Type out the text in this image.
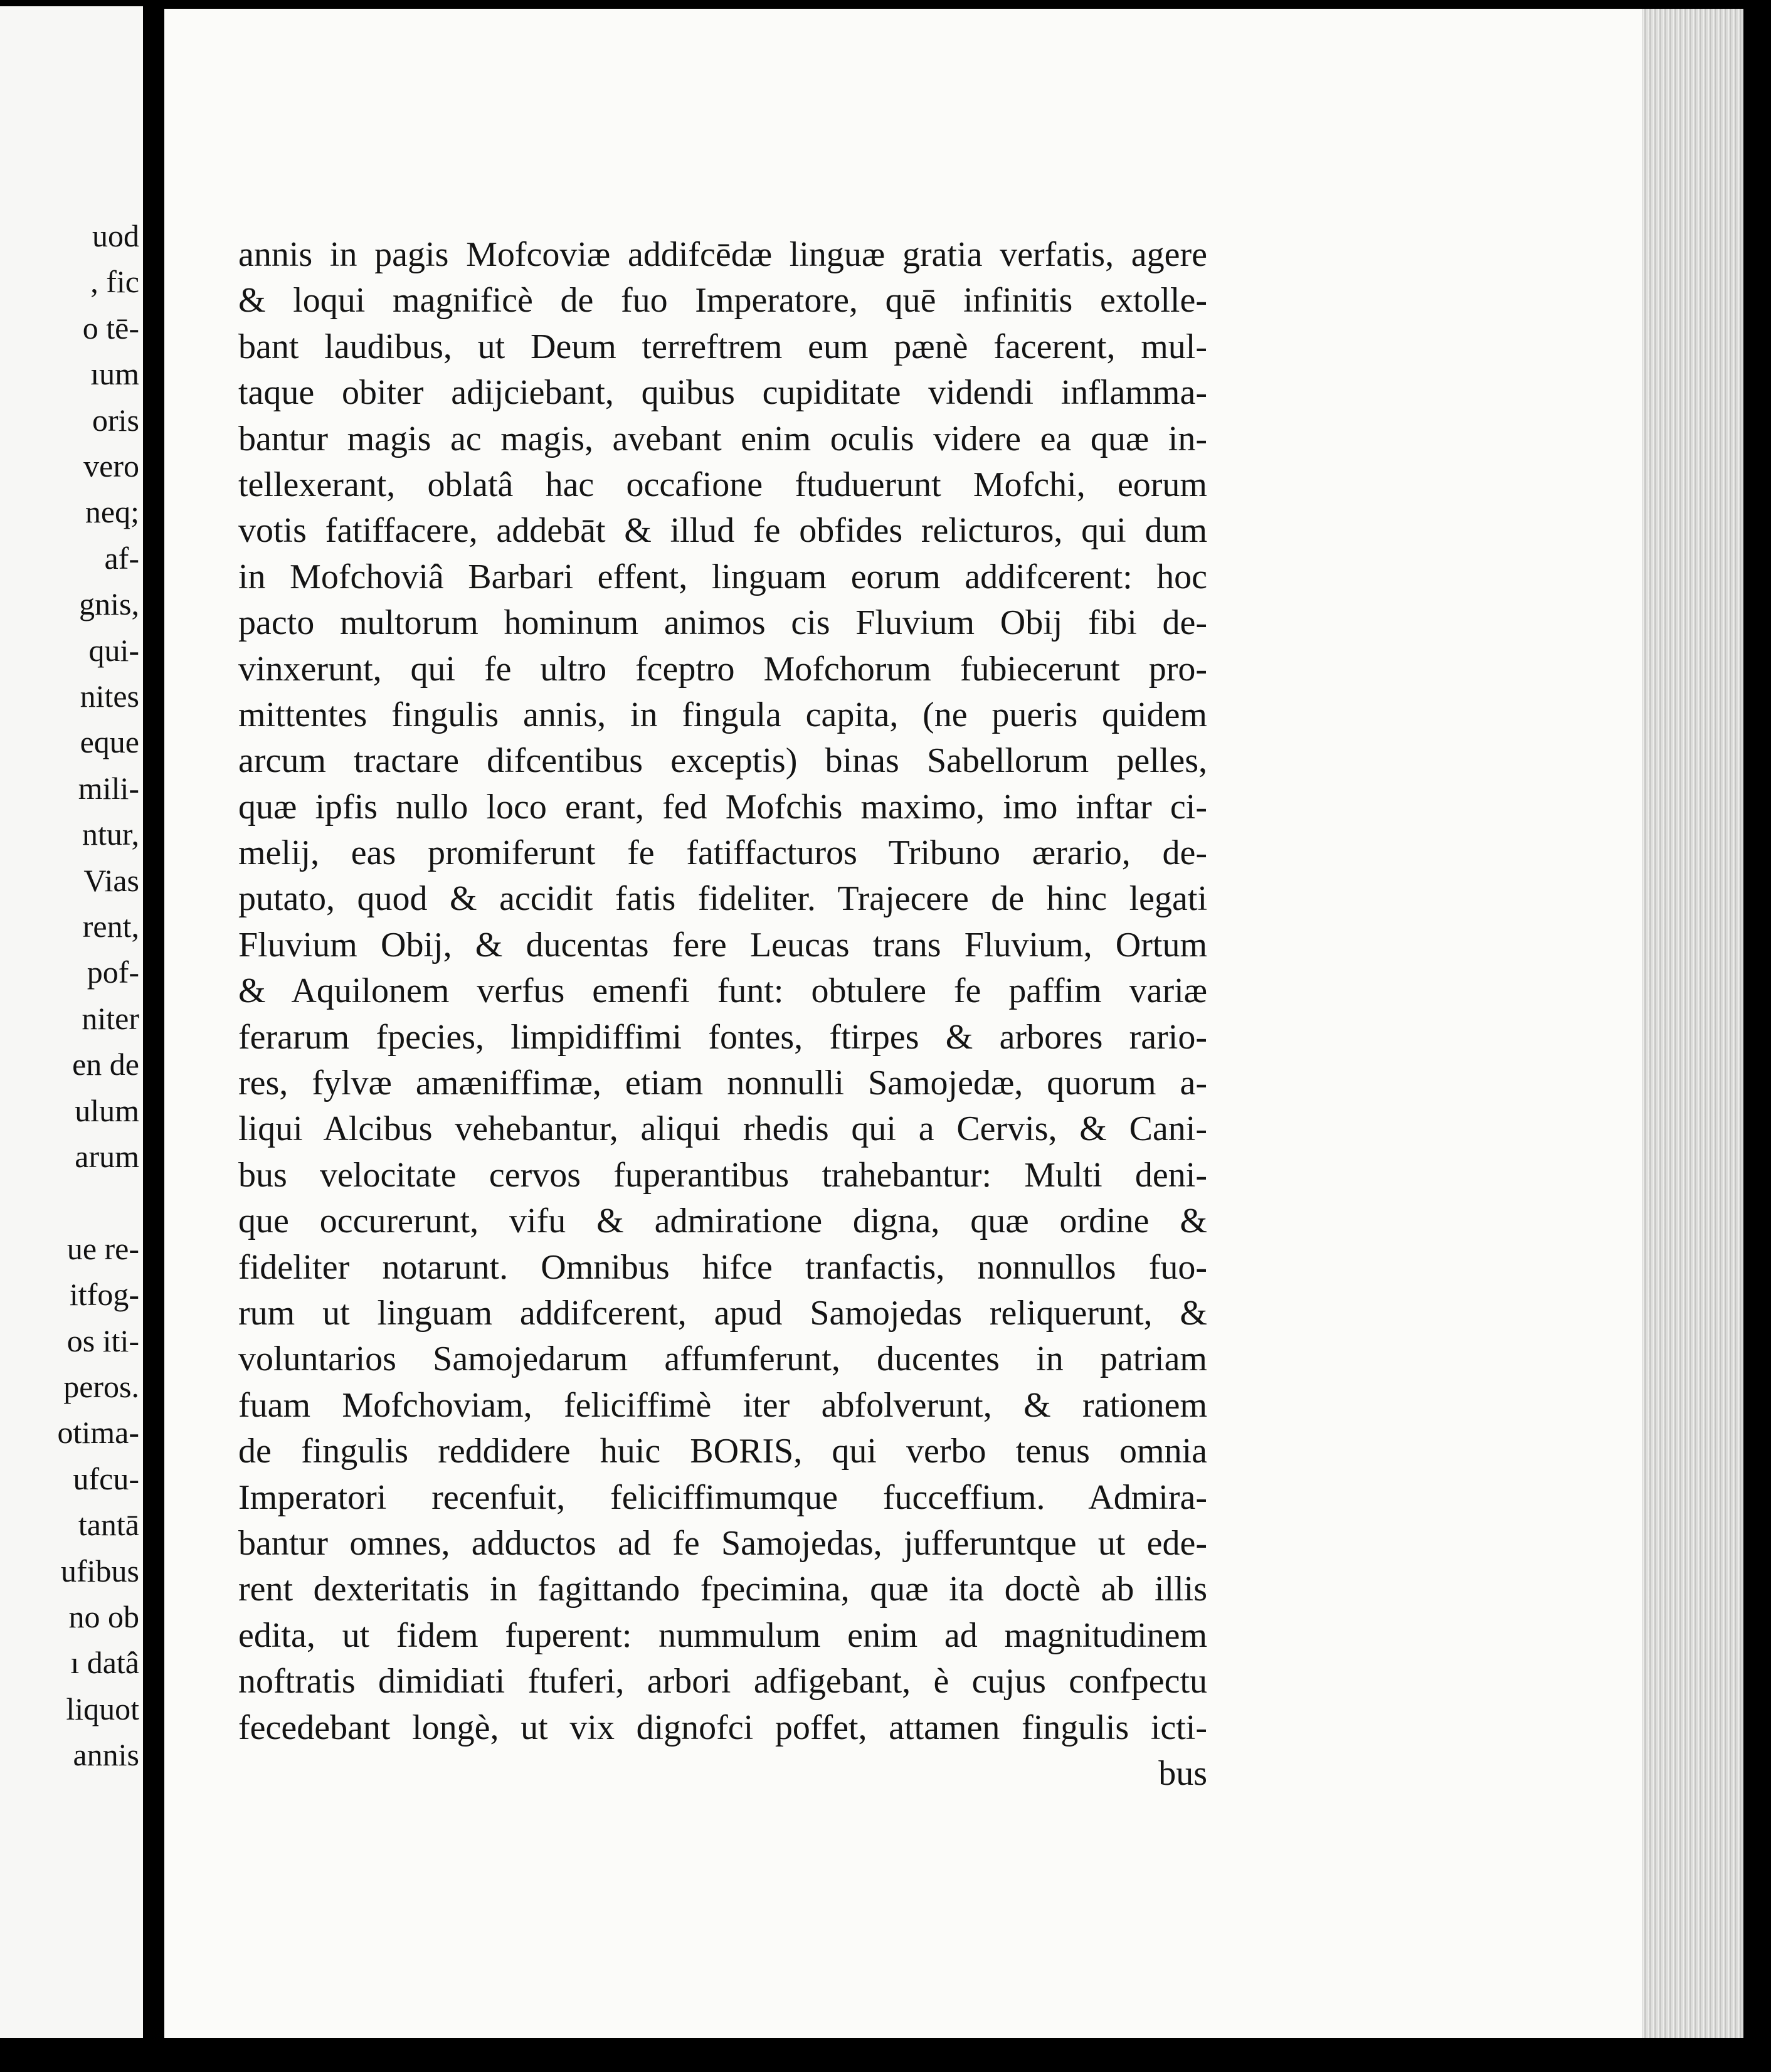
uod
, fic
o tē-
ıum
oris
vero
neq;
af-
gnis,
qui-
nites
eque
mili-
ntur,
Vias
rent,
pof-
niter
en de
ulum
arum
ue re-
itfog-
os iti-
peros.
otima-
ufcu-
tantā
ufibus
no ob
ı datâ
liquot
annis
annis in pagis Mofcoviæ addifcēdæ linguæ gratia verfatis, agere
& loqui magnificè de fuo Imperatore, quē infinitis extolle-
bant laudibus, ut Deum terreftrem eum pænè facerent, mul-
taque obiter adijciebant, quibus cupiditate videndi inflamma-
bantur magis ac magis, avebant enim oculis videre ea quæ in-
tellexerant, oblatâ hac occafione ftuduerunt Mofchi, eorum
votis fatiffacere, addebāt & illud fe obfides relicturos, qui dum
in Mofchoviâ Barbari effent, linguam eorum addifcerent: hoc
pacto multorum hominum animos cis Fluvium Obij fibi de-
vinxerunt, qui fe ultro fceptro Mofchorum fubiecerunt pro-
mittentes fingulis annis, in fingula capita, (ne pueris quidem
arcum tractare difcentibus exceptis) binas Sabellorum pelles,
quæ ipfis nullo loco erant, fed Mofchis maximo, imo inftar ci-
melij, eas promiferunt fe fatiffacturos Tribuno ærario, de-
putato, quod & accidit fatis fideliter. Trajecere de hinc legati
Fluvium Obij, & ducentas fere Leucas trans Fluvium, Ortum
& Aquilonem verfus emenfi funt: obtulere fe paffim variæ
ferarum fpecies, limpidiffimi fontes, ftirpes & arbores rario-
res, fylvæ amæniffimæ, etiam nonnulli Samojedæ, quorum a-
liqui Alcibus vehebantur, aliqui rhedis qui a Cervis, & Cani-
bus velocitate cervos fuperantibus trahebantur: Multi deni-
que occurerunt, vifu & admiratione digna, quæ ordine &
fideliter notarunt. Omnibus hifce tranfactis, nonnullos fuo-
rum ut linguam addifcerent, apud Samojedas reliquerunt, &
voluntarios Samojedarum affumferunt, ducentes in patriam
fuam Mofchoviam, feliciffimè iter abfolverunt, & rationem
de fingulis reddidere huic BORIS, qui verbo tenus omnia
Imperatori recenfuit, feliciffimumque fucceffium. Admira-
bantur omnes, adductos ad fe Samojedas, jufferuntque ut ede-
rent dexteritatis in fagittando fpecimina, quæ ita doctè ab illis
edita, ut fidem fuperent: nummulum enim ad magnitudinem
noftratis dimidiati ftuferi, arbori adfigebant, è cujus confpectu
fecedebant longè, ut vix dignofci poffet, attamen fingulis icti-
bus
